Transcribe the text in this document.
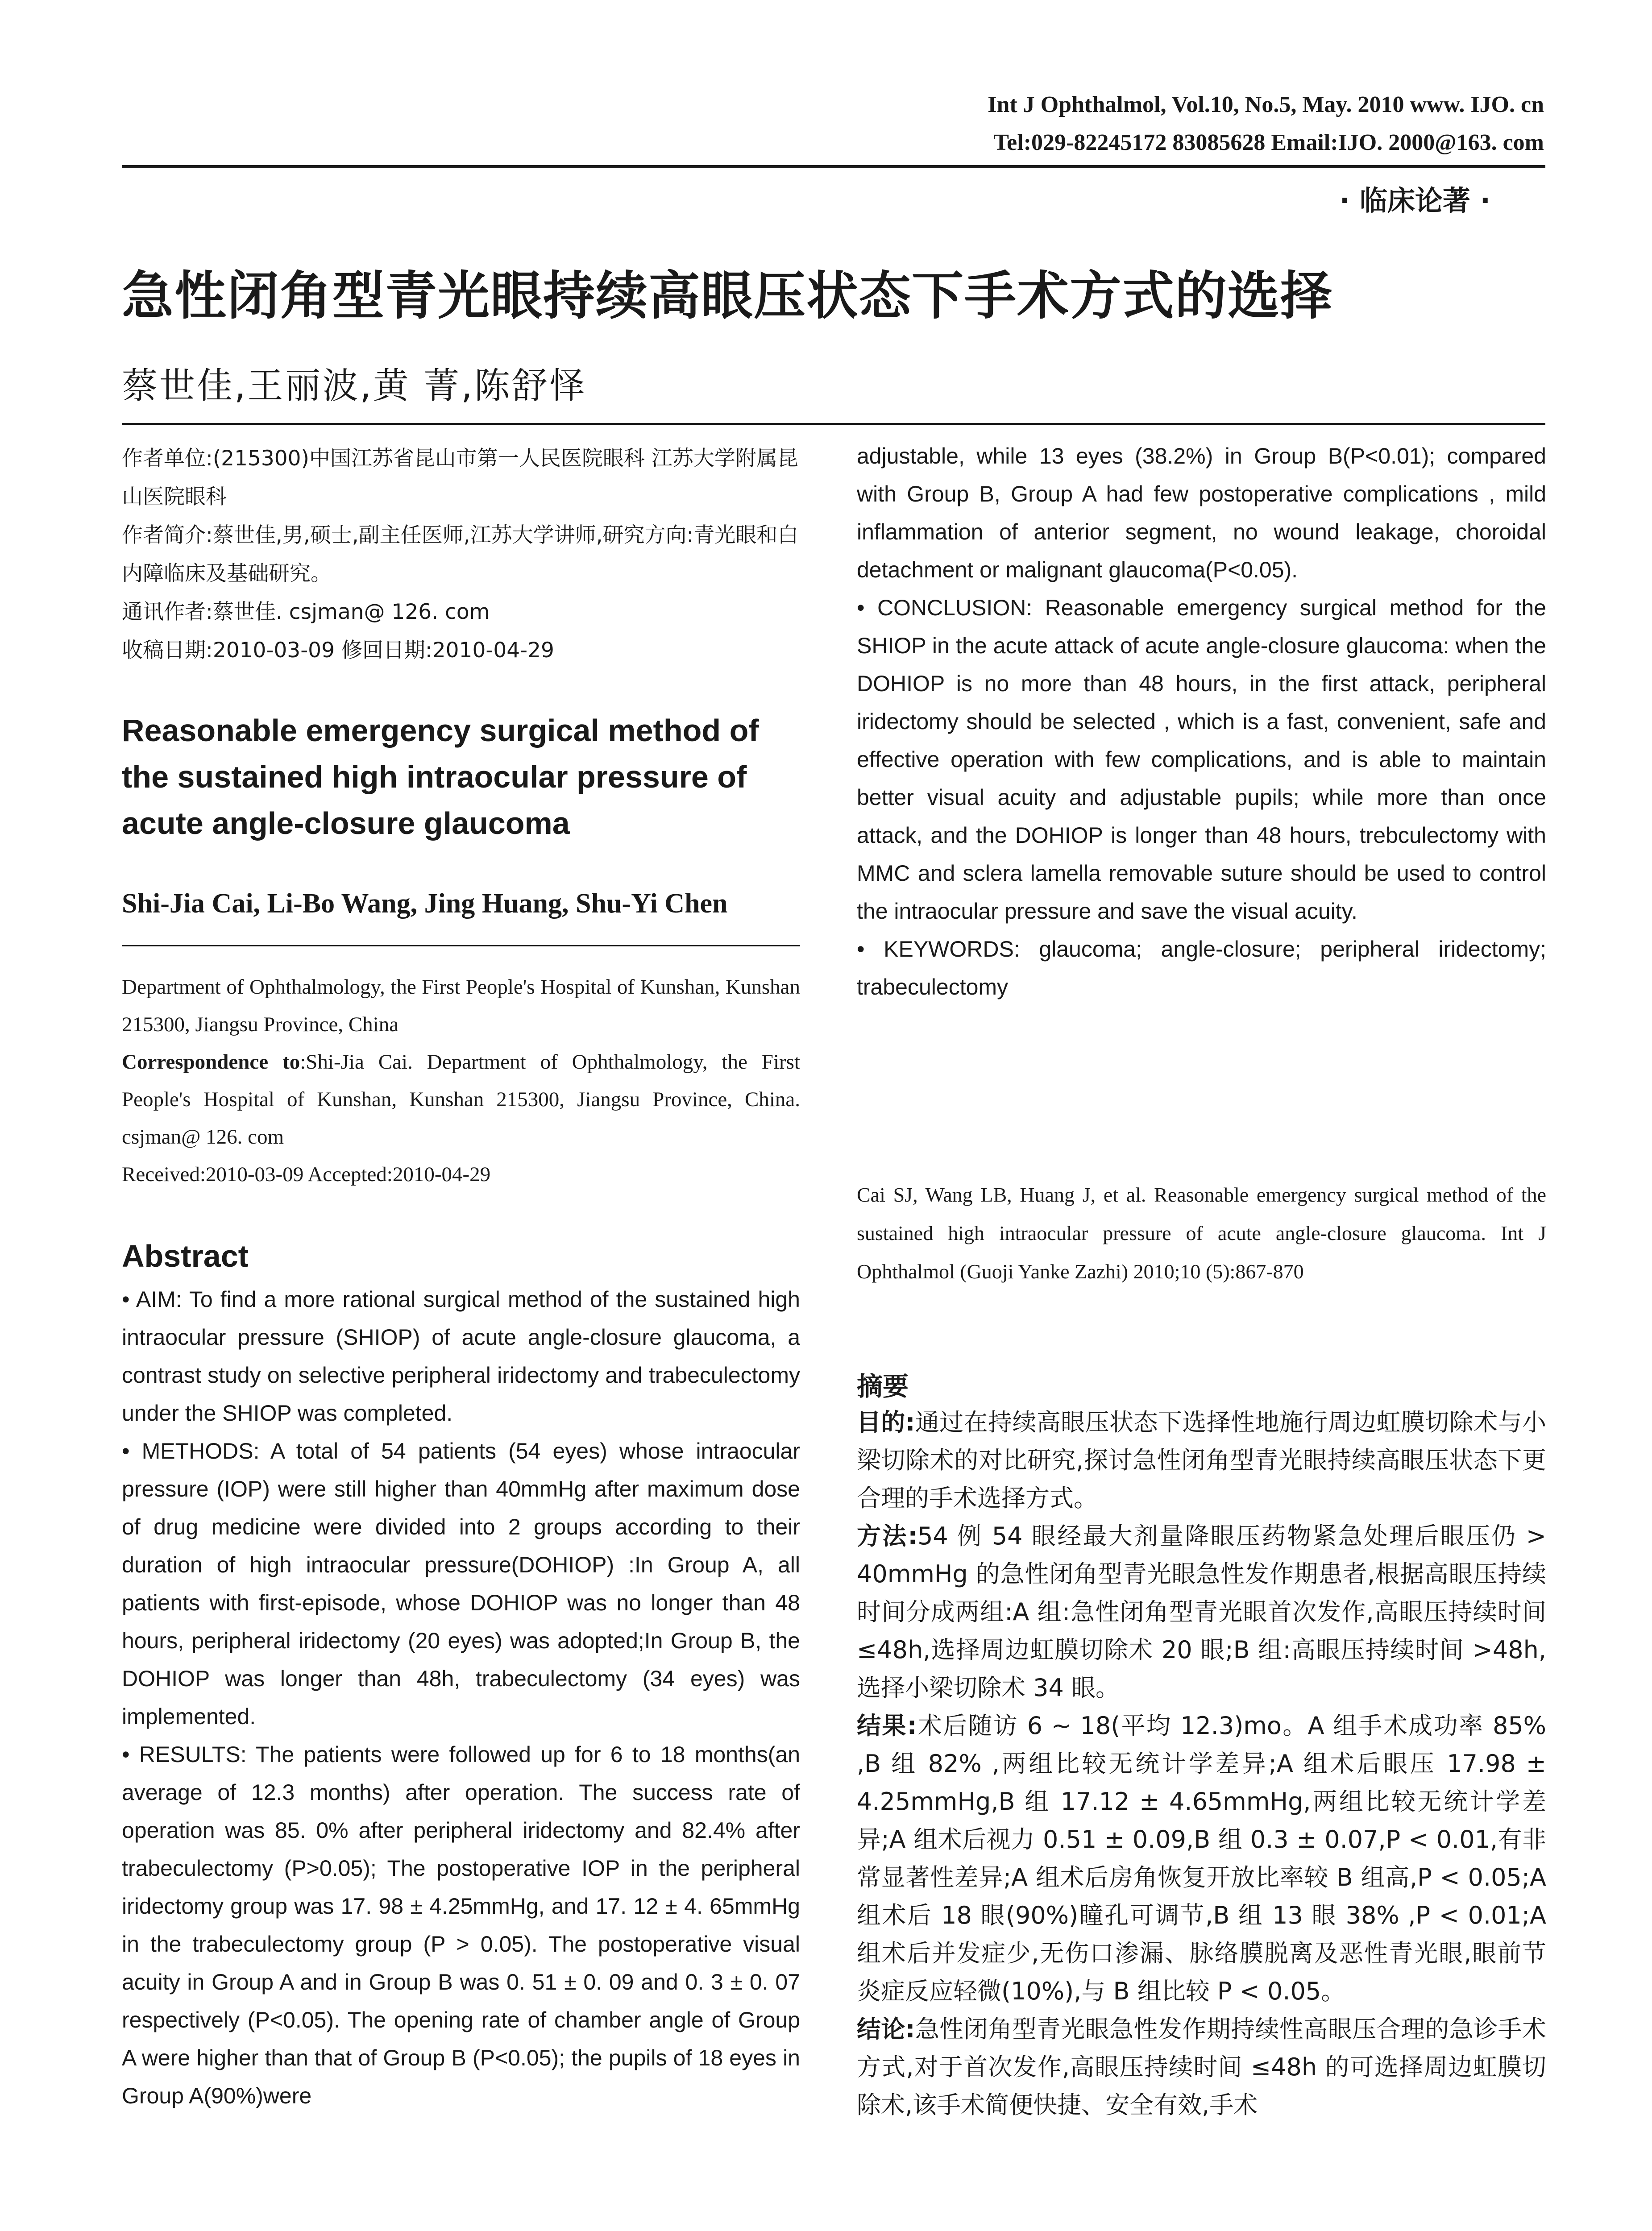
Int J Ophthalmol, Vol.10, No.5, May. 2010 www. IJO. cn
Tel:029-82245172 83085628 Email:IJO. 2000@163. com
· 临床论著 ·
急性闭角型青光眼持续高眼压状态下手术方式的选择
蔡世佳,王丽波,黄 菁,陈舒怿

作者单位:(215300)中国江苏省昆山市第一人民医院眼科 江苏大学附属昆山医院眼科

作者简介:蔡世佳,男,硕士,副主任医师,江苏大学讲师,研究方向:青光眼和白内障临床及基础研究。

通讯作者:蔡世佳. csjman@ 126. com

收稿日期:2010-03-09 修回日期:2010-04-29

Reasonable emergency surgical method of the sustained high intraocular pressure of acute angle-closure glaucoma
Shi-Jia Cai, Li-Bo Wang, Jing Huang, Shu-Yi Chen

Department of Ophthalmology, the First People's Hospital of Kunshan, Kunshan 215300, Jiangsu Province, China

Correspondence to:Shi-Jia Cai. Department of Ophthalmology, the First People's Hospital of Kunshan, Kunshan 215300, Jiangsu Province, China. csjman@ 126. com

Received:2010-03-09 Accepted:2010-04-29

Abstract

• AIM: To find a more rational surgical method of the sustained high intraocular pressure (SHIOP) of acute angle-closure glaucoma, a contrast study on selective peripheral iridectomy and trabeculectomy under the SHIOP was completed.

• METHODS: A total of 54 patients (54 eyes) whose intraocular pressure (IOP) were still higher than 40mmHg after maximum dose of drug medicine were divided into 2 groups according to their duration of high intraocular pressure(DOHIOP) :In Group A, all patients with first-episode, whose DOHIOP was no longer than 48 hours, peripheral iridectomy (20 eyes) was adopted;In Group B, the DOHIOP was longer than 48h, trabeculectomy (34 eyes) was implemented.

• RESULTS: The patients were followed up for 6 to 18 months(an average of 12.3 months) after operation. The success rate of operation was 85. 0% after peripheral iridectomy and 82.4% after trabeculectomy (P>0.05); The postoperative IOP in the peripheral iridectomy group was 17. 98 ± 4.25mmHg, and 17. 12 ± 4. 65mmHg in the trabeculectomy group (P > 0.05). The postoperative visual acuity in Group A and in Group B was 0. 51 ± 0. 09 and 0. 3 ± 0. 07 respectively (P<0.05). The opening rate of chamber angle of Group A were higher than that of Group B (P<0.05); the pupils of 18 eyes in Group A(90%)were

adjustable, while 13 eyes (38.2%) in Group B(P<0.01); compared with Group B, Group A had few postoperative complications , mild inflammation of anterior segment, no wound leakage, choroidal detachment or malignant glaucoma(P<0.05).

• CONCLUSION: Reasonable emergency surgical method for the SHIOP in the acute attack of acute angle-closure glaucoma: when the DOHIOP is no more than 48 hours, in the first attack, peripheral iridectomy should be selected , which is a fast, convenient, safe and effective operation with few complications, and is able to maintain better visual acuity and adjustable pupils; while more than once attack, and the DOHIOP is longer than 48 hours, trebculectomy with MMC and sclera lamella removable suture should be used to control the intraocular pressure and save the visual acuity.

• KEYWORDS: glaucoma; angle-closure; peripheral iridectomy; trabeculectomy

Cai SJ, Wang LB, Huang J, et al. Reasonable emergency surgical method of the sustained high intraocular pressure of acute angle-closure glaucoma. Int J Ophthalmol (Guoji Yanke Zazhi) 2010;10 (5):867-870

摘要

目的:通过在持续高眼压状态下选择性地施行周边虹膜切除术与小梁切除术的对比研究,探讨急性闭角型青光眼持续高眼压状态下更合理的手术选择方式。

方法:54 例 54 眼经最大剂量降眼压药物紧急处理后眼压仍 > 40mmHg 的急性闭角型青光眼急性发作期患者,根据高眼压持续时间分成两组:A 组:急性闭角型青光眼首次发作,高眼压持续时间≤48h,选择周边虹膜切除术 20 眼;B 组:高眼压持续时间 >48h,选择小梁切除术 34 眼。

结果:术后随访 6 ~ 18(平均 12.3)mo。A 组手术成功率 85% ,B 组 82% ,两组比较无统计学差异;A 组术后眼压 17.98 ± 4.25mmHg,B 组 17.12 ± 4.65mmHg,两组比较无统计学差异;A 组术后视力 0.51 ± 0.09,B 组 0.3 ± 0.07,P < 0.01,有非常显著性差异;A 组术后房角恢复开放比率较 B 组高,P < 0.05;A 组术后 18 眼(90%)瞳孔可调节,B 组 13 眼 38% ,P < 0.01;A 组术后并发症少,无伤口渗漏、脉络膜脱离及恶性青光眼,眼前节炎症反应轻微(10%),与 B 组比较 P < 0.05。

结论:急性闭角型青光眼急性发作期持续性高眼压合理的急诊手术方式,对于首次发作,高眼压持续时间 ≤48h 的可选择周边虹膜切除术,该手术简便快捷、安全有效,手术
